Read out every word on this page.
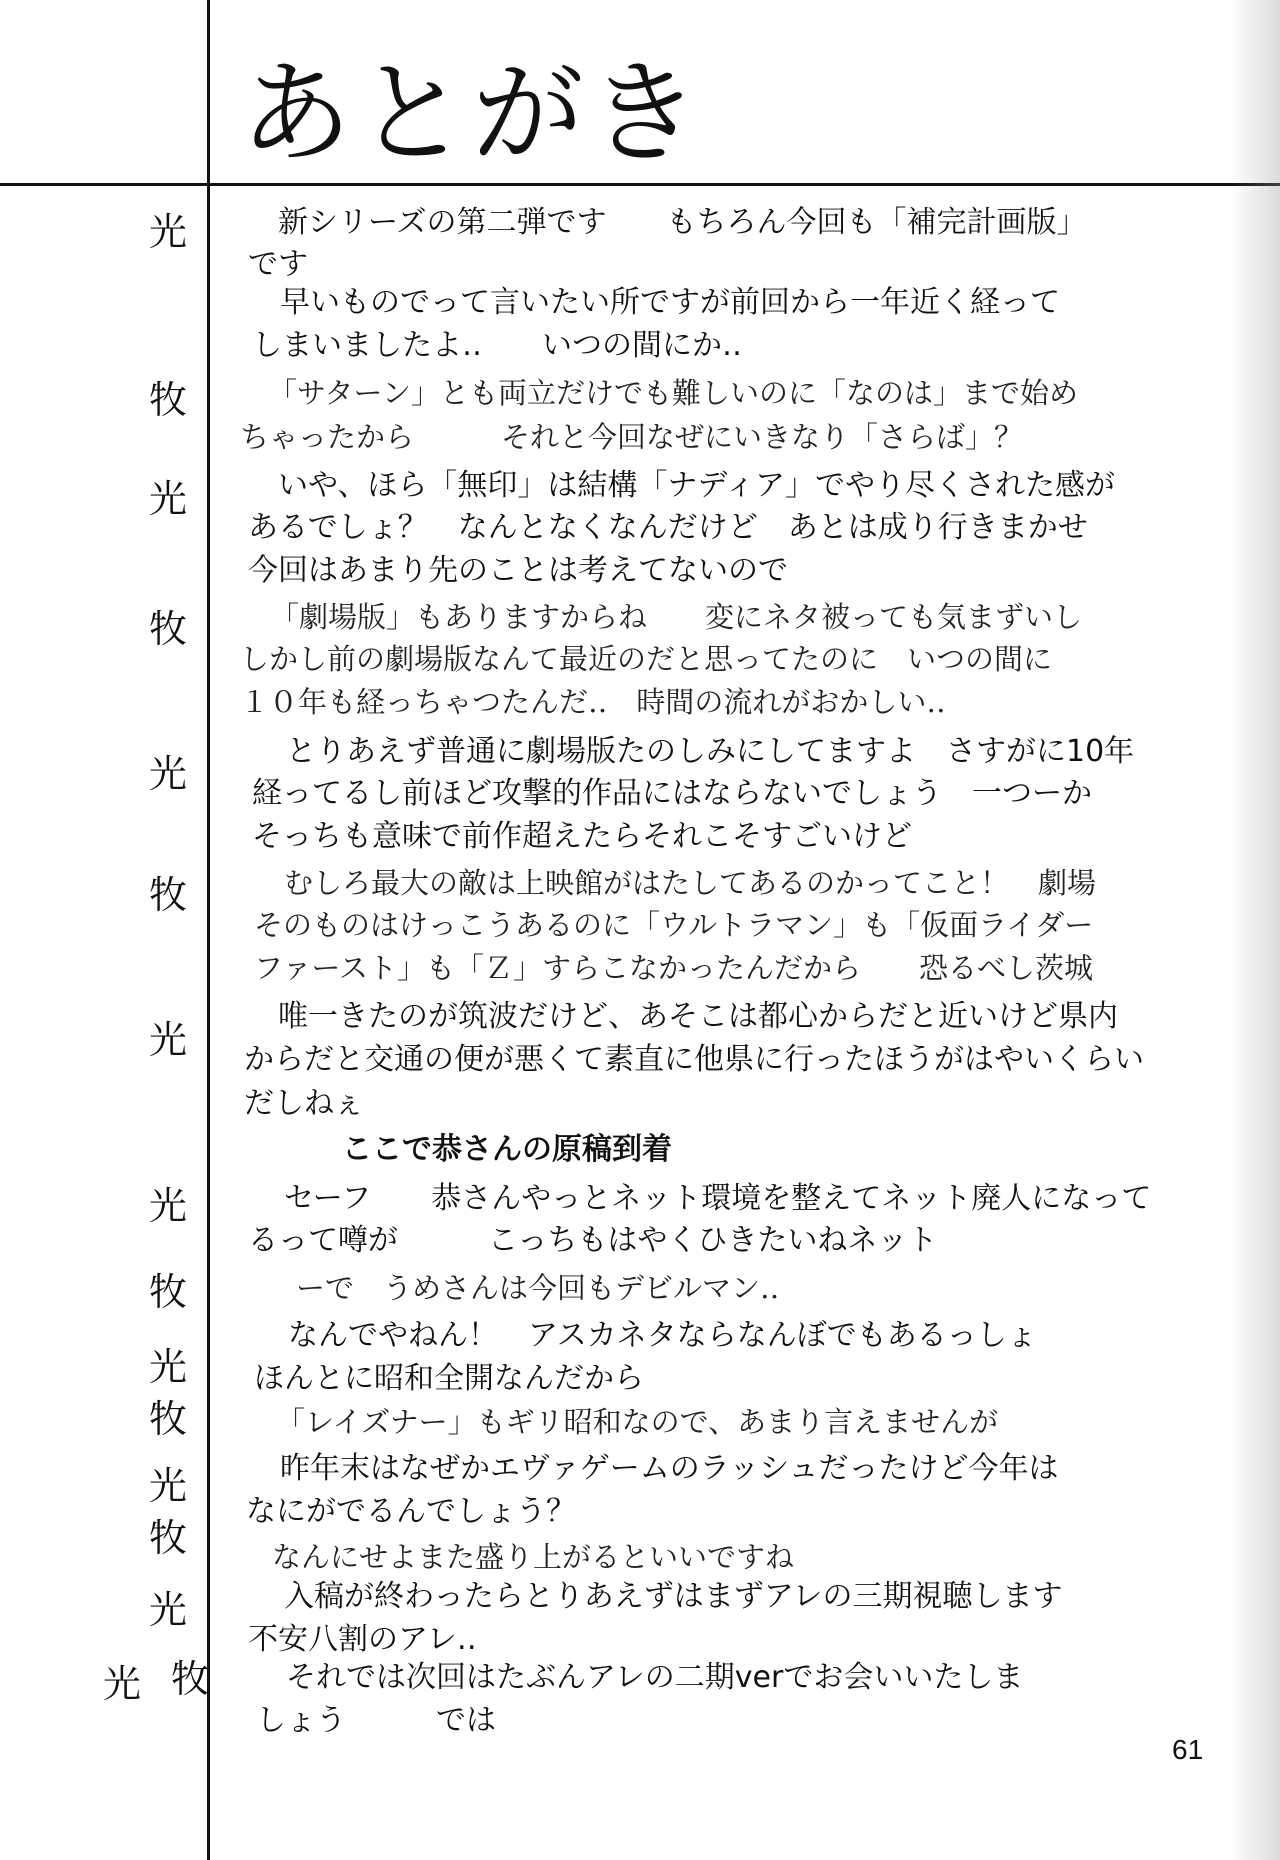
あとがき
光
牧
光
牧
光
牧
光
光
牧
光
牧
光
牧
光
光 牧
新シリーズの第二弾です　　もちろん今回も「補完計画版」
です
早いものでって言いたい所ですが前回から一年近く経って
しまいましたよ‥　　いつの間にか‥
「サターン」とも両立だけでも難しいのに「なのは」まで始め
ちゃったから　　　それと今回なぜにいきなり「さらば」？
いや、ほら「無印」は結構「ナディア」でやり尽くされた感が
あるでしょ？　なんとなくなんだけど　あとは成り行きまかせ
今回はあまり先のことは考えてないので
「劇場版」もありますからね　　変にネタ被っても気まずいし
しかし前の劇場版なんて最近のだと思ってたのに　いつの間に
１０年も経っちゃつたんだ‥　時間の流れがおかしい‥
とりあえず普通に劇場版たのしみにしてますよ　さすがに10年
経ってるし前ほど攻撃的作品にはならないでしょう　一つーか
そっちも意味で前作超えたらそれこそすごいけど
むしろ最大の敵は上映館がはたしてあるのかってこと！　劇場
そのものはけっこうあるのに「ウルトラマン」も「仮面ライダー
ファースト」も「Ｚ」すらこなかったんだから　　恐るべし茨城
唯一きたのが筑波だけど、あそこは都心からだと近いけど県内
からだと交通の便が悪くて素直に他県に行ったほうがはやいくらい
だしねぇ
ここで恭さんの原稿到着
セーフ　　恭さんやっとネット環境を整えてネット廃人になって
るって噂が　　　こっちもはやくひきたいねネット
ーで　うめさんは今回もデビルマン‥
なんでやねん！　アスカネタならなんぼでもあるっしょ
ほんとに昭和全開なんだから
「レイズナー」もギリ昭和なので、あまり言えませんが
昨年末はなぜかエヴァゲームのラッシュだったけど今年は
なにがでるんでしょう？
なんにせよまた盛り上がるといいですね
入稿が終わったらとりあえずはまずアレの三期視聴します
不安八割のアレ‥
それでは次回はたぶんアレの二期verでお会いいたしま
しょう　　　では
61
